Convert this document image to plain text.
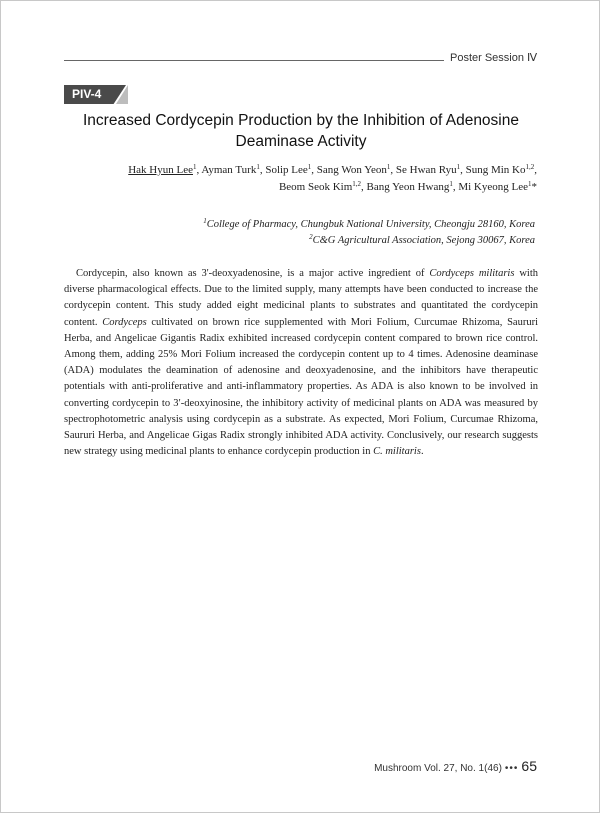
Poster Session Ⅳ
PIV-4
Increased Cordycepin Production by the Inhibition of Adenosine
Deaminase Activity
Hak Hyun Lee$^1$, Ayman Turk$^1$, Solip Lee$^1$, Sang Won Yeon$^1$, Se Hwan Ryu$^1$, Sung Min Ko$^{1,2}$,
Beom Seok Kim$^{1,2}$, Bang Yeon Hwang$^1$, Mi Kyeong Lee$^1$*
$^1$College of Pharmacy, Chungbuk National University, Cheongju 28160, Korea
$^2$C&G Agricultural Association, Sejong 30067, Korea

Cordycepin, also known as 3'-deoxyadenosine, is a major active ingredient of Cordyceps militaris with diverse pharmacological effects. Due to the limited supply, many attempts have been conducted to increase the cordycepin content. This study added eight medicinal plants to substrates and quantitated the cordycepin content. Cordyceps cultivated on brown rice supplemented with Mori Folium, Curcumae Rhizoma, Saururi Herba, and Angelicae Gigantis Radix exhibited increased cordycepin content compared to brown rice control. Among them, adding 25% Mori Folium increased the cordycepin content up to 4 times. Adenosine deaminase (ADA) modulates the deamination of adenosine and deoxyadenosine, and the inhibitors have therapeutic potentials with anti-proliferative and anti-inflammatory properties. As ADA is also known to be involved in converting cordycepin to 3′-deoxyinosine, the inhibitory activity of medicinal plants on ADA was measured by spectrophotometric analysis using cordycepin as a substrate. As expected, Mori Folium, Curcumae Rhizoma, Saururi Herba, and Angelicae Gigas Radix strongly inhibited ADA activity. Conclusively, our research suggests new strategy using medicinal plants to enhance cordycepin production in C. militaris.

Mushroom Vol. 27, No. 1(46) ••• 65
